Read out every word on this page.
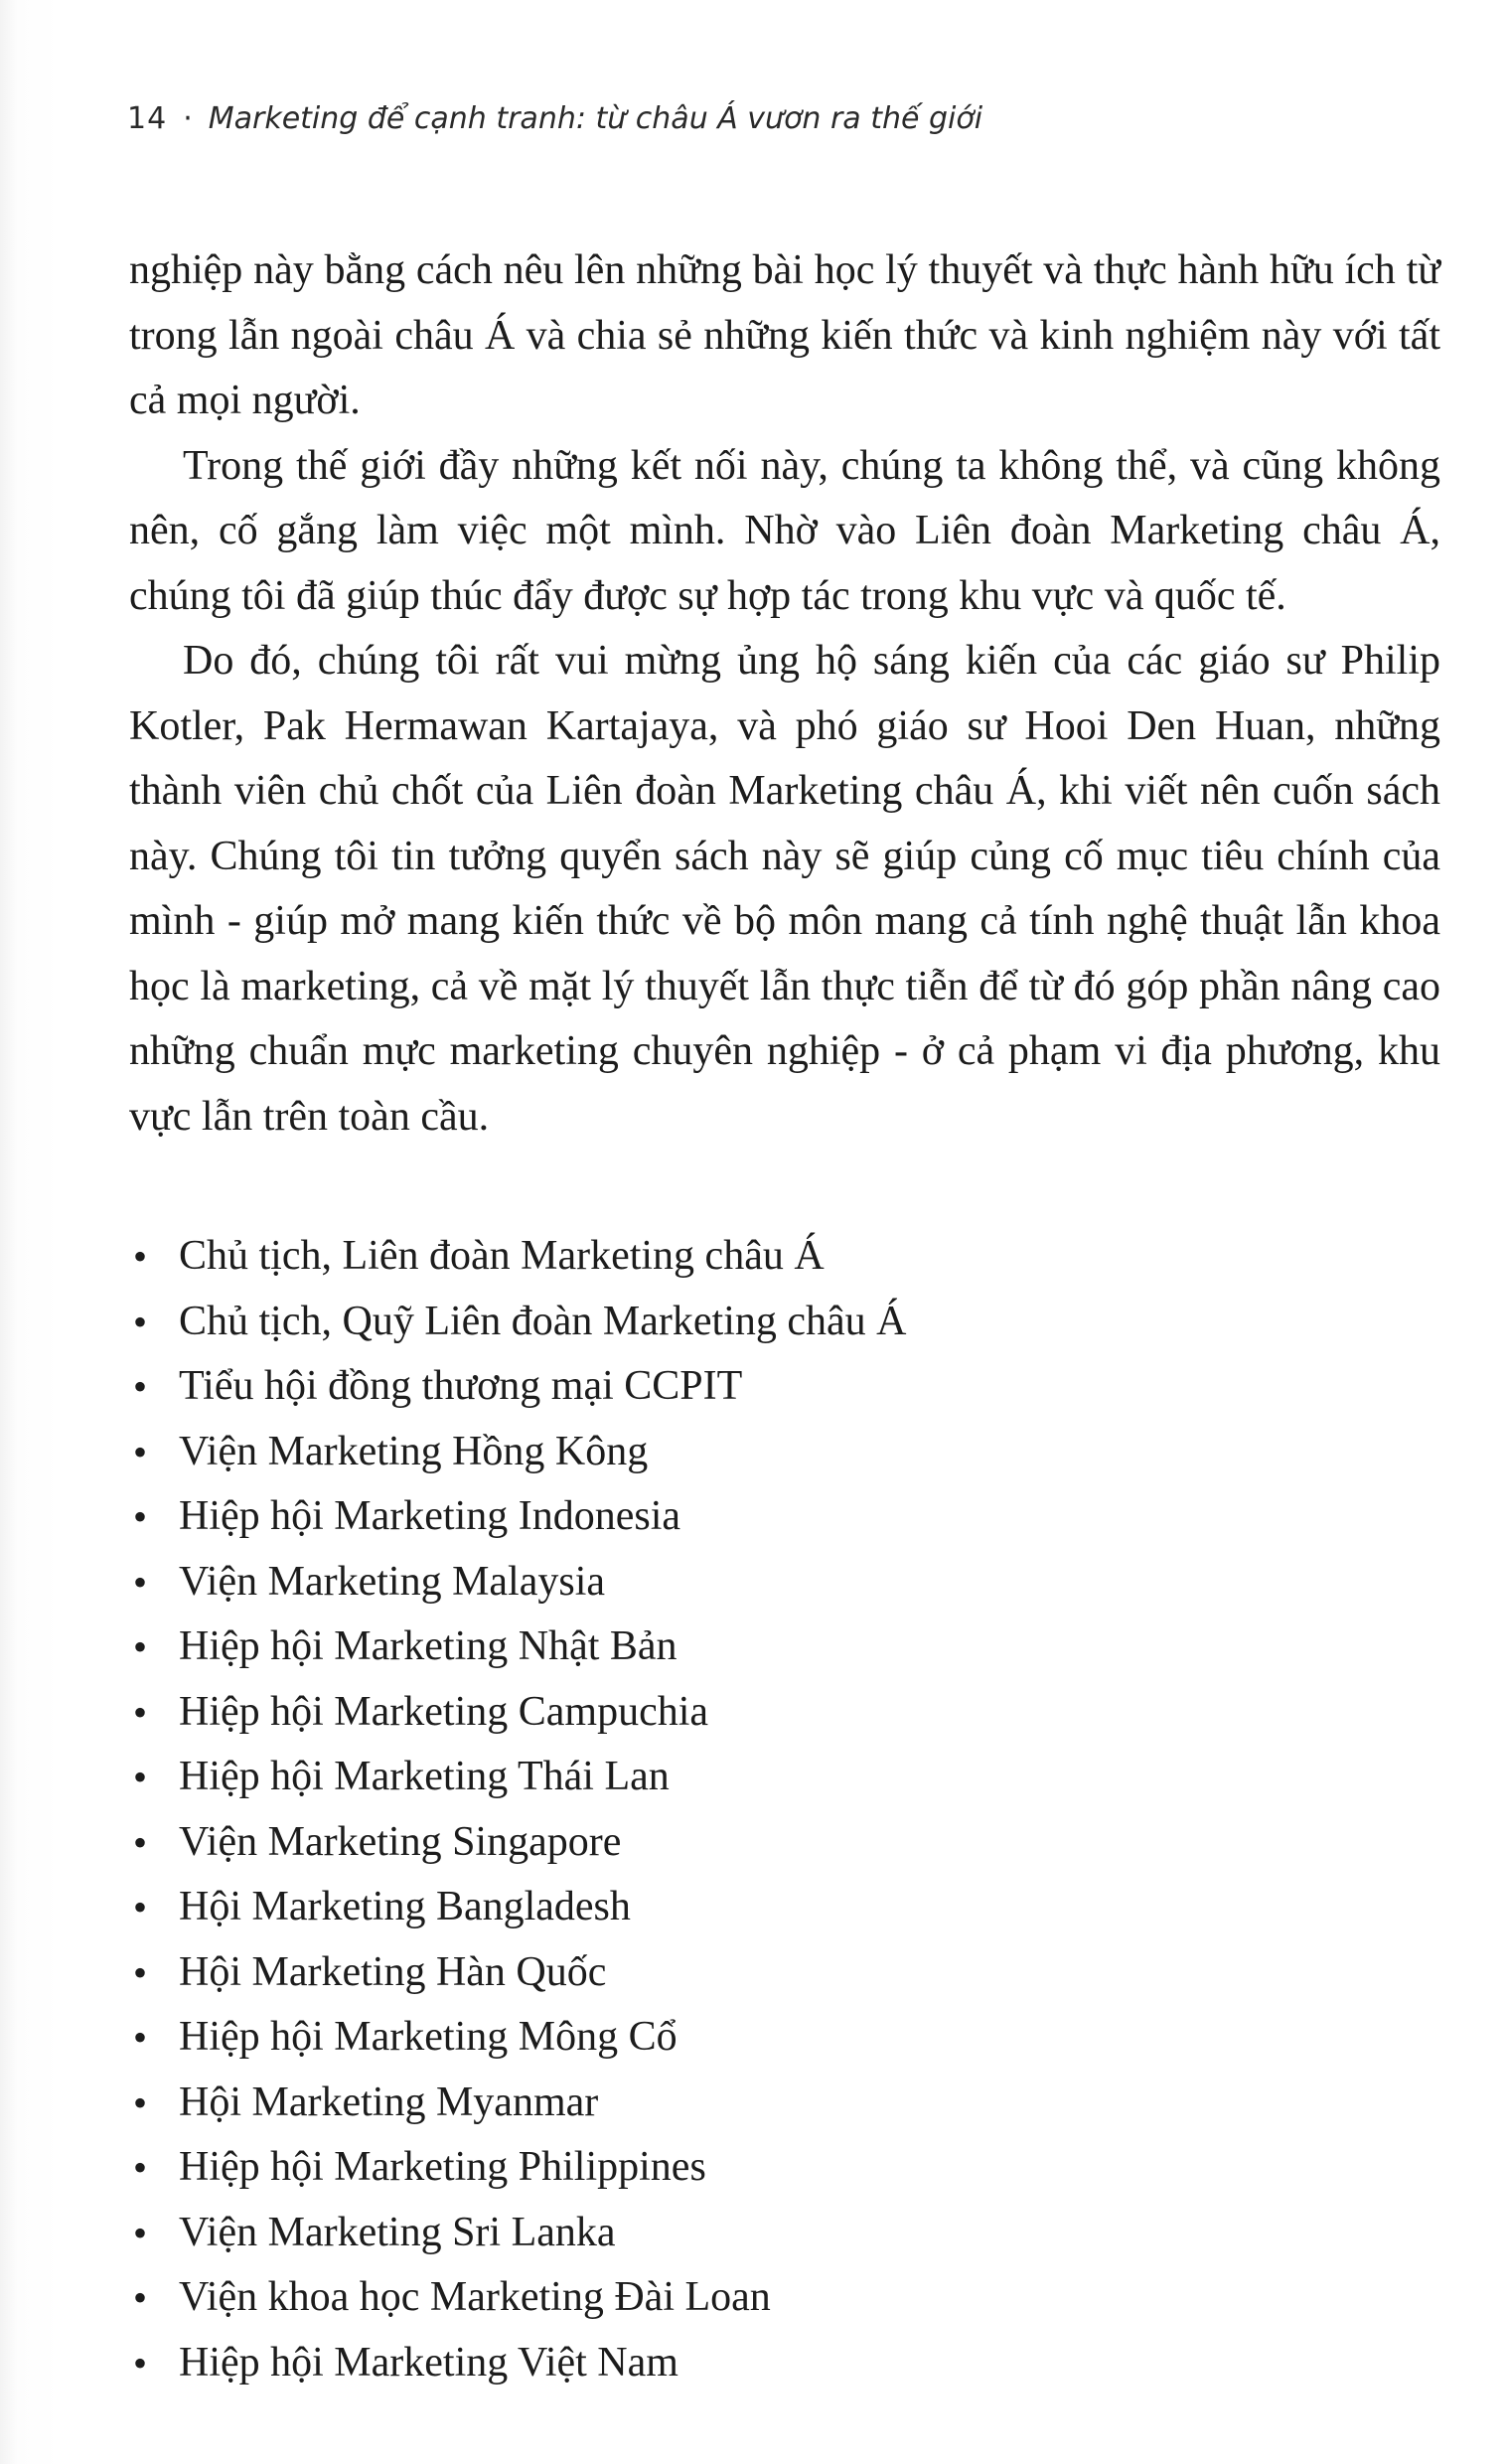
14 · Marketing để cạnh tranh: từ châu Á vươn ra thế giới

nghiệp này bằng cách nêu lên những bài học lý thuyết và thực hành hữu ích từ trong lẫn ngoài châu Á và chia sẻ những kiến thức và kinh nghiệm này với tất cả mọi người.

Trong thế giới đầy những kết nối này, chúng ta không thể, và cũng không nên, cố gắng làm việc một mình. Nhờ vào Liên đoàn Marketing châu Á, chúng tôi đã giúp thúc đẩy được sự hợp tác trong khu vực và quốc tế.

Do đó, chúng tôi rất vui mừng ủng hộ sáng kiến của các giáo sư Philip Kotler, Pak Hermawan Kartajaya, và phó giáo sư Hooi Den Huan, những thành viên chủ chốt của Liên đoàn Marketing châu Á, khi viết nên cuốn sách này. Chúng tôi tin tưởng quyển sách này sẽ giúp củng cố mục tiêu chính của mình - giúp mở mang kiến thức về bộ môn mang cả tính nghệ thuật lẫn khoa học là marketing, cả về mặt lý thuyết lẫn thực tiễn để từ đó góp phần nâng cao những chuẩn mực marketing chuyên nghiệp - ở cả phạm vi địa phương, khu vực lẫn trên toàn cầu.

• Chủ tịch, Liên đoàn Marketing châu Á
• Chủ tịch, Quỹ Liên đoàn Marketing châu Á
• Tiểu hội đồng thương mại CCPIT
• Viện Marketing Hồng Kông
• Hiệp hội Marketing Indonesia
• Viện Marketing Malaysia
• Hiệp hội Marketing Nhật Bản
• Hiệp hội Marketing Campuchia
• Hiệp hội Marketing Thái Lan
• Viện Marketing Singapore
• Hội Marketing Bangladesh
• Hội Marketing Hàn Quốc
• Hiệp hội Marketing Mông Cổ
• Hội Marketing Myanmar
• Hiệp hội Marketing Philippines
• Viện Marketing Sri Lanka
• Viện khoa học Marketing Đài Loan
• Hiệp hội Marketing Việt Nam
